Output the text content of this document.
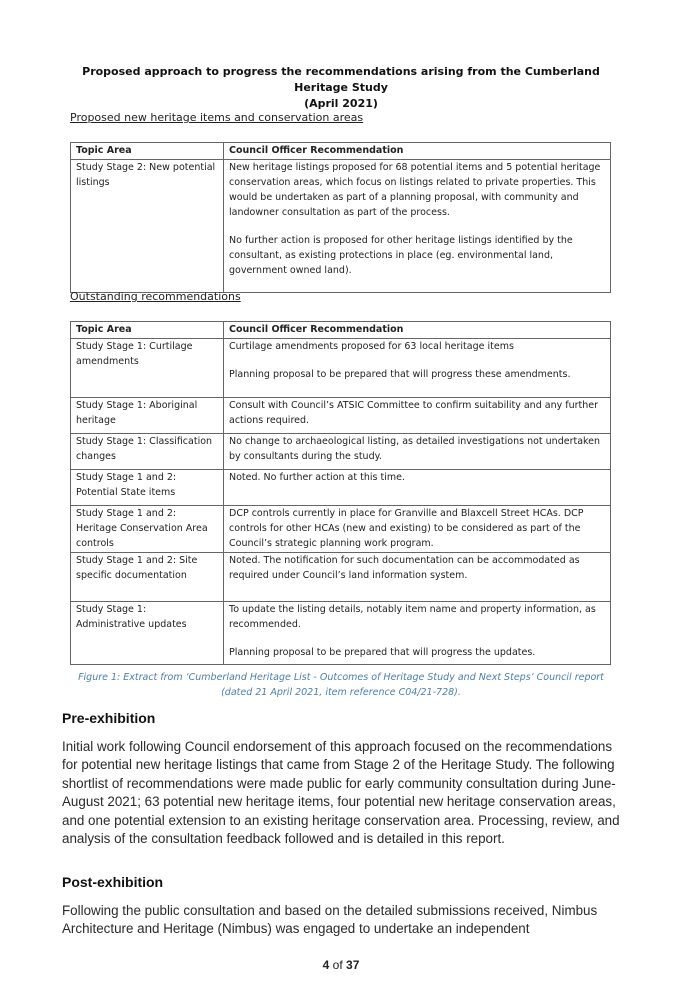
Proposed approach to progress the recommendations arising from the Cumberland Heritage Study
(April 2021)
Proposed new heritage items and conservation areas
Topic Area	Council Officer Recommendation
Study Stage 2: New potential listings	New heritage listings proposed for 68 potential items and 5 potential heritage conservation areas, which focus on listings related to private properties. This would be undertaken as part of a planning proposal, with community and landowner consultation as part of the process.
No further action is proposed for other heritage listings identified by the consultant, as existing protections in place (eg. environmental land, government owned land).
Outstanding recommendations
Topic Area	Council Officer Recommendation
Study Stage 1: Curtilage amendments	Curtilage amendments proposed for 63 local heritage items
Planning proposal to be prepared that will progress these amendments.

Study Stage 1: Aboriginal heritage	Consult with Council’s ATSIC Committee to confirm suitability and any further actions required.
Study Stage 1: Classification changes	No change to archaeological listing, as detailed investigations not undertaken by consultants during the study.
Study Stage 1 and 2: Potential State items	Noted. No further action at this time.
Study Stage 1 and 2: Heritage Conservation Area controls	DCP controls currently in place for Granville and Blaxcell Street HCAs. DCP controls for other HCAs (new and existing) to be considered as part of the Council’s strategic planning work program.
Study Stage 1 and 2: Site specific documentation	Noted. The notification for such documentation can be accommodated as required under Council’s land information system.
Study Stage 1: Administrative updates	To update the listing details, notably item name and property information, as recommended.
Planning proposal to be prepared that will progress the updates.
Figure 1: Extract from ‘Cumberland Heritage List - Outcomes of Heritage Study and Next Steps’ Council report
(dated 21 April 2021, item reference C04/21-728).
Pre-exhibition

Initial work following Council endorsement of this approach focused on the recommendations for potential new heritage listings that came from Stage 2 of the Heritage Study. The following shortlist of recommendations were made public for early community consultation during June-August 2021; 63 potential new heritage items, four potential new heritage conservation areas, and one potential extension to an existing heritage conservation area. Processing, review, and analysis of the consultation feedback followed and is detailed in this report.

Post-exhibition

Following the public consultation and based on the detailed submissions received, Nimbus Architecture and Heritage (Nimbus) was engaged to undertake an independent

4 of 37
